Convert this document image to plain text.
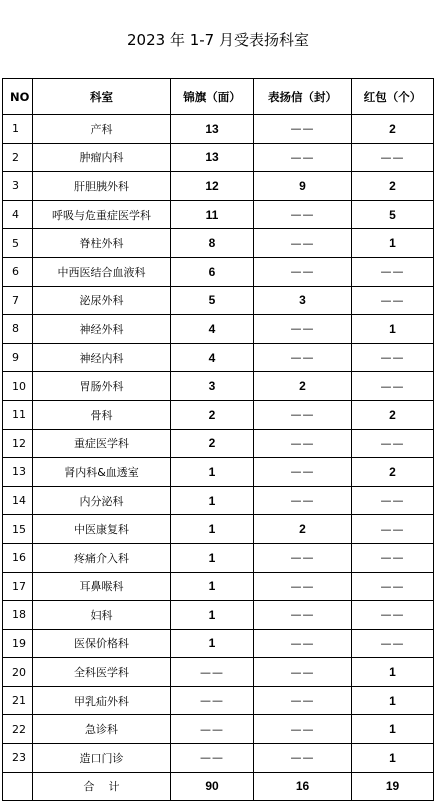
2023 年 1-7 月受表扬科室
NO	科室	锦旗（面）	表扬信（封）	红包（个）
1	产科	13	——	2
2	肿瘤内科	13	——	——
3	肝胆胰外科	12	9	2
4	呼吸与危重症医学科	11	——	5
5	脊柱外科	8	——	1
6	中西医结合血液科	6	——	——
7	泌尿外科	5	3	——
8	神经外科	4	——	1
9	神经内科	4	——	——
10	胃肠外科	3	2	——
11	骨科	2	——	2
12	重症医学科	2	——	——
13	肾内科&血透室	1	——	2
14	内分泌科	1	——	——
15	中医康复科	1	2	——
16	疼痛介入科	1	——	——
17	耳鼻喉科	1	——	——
18	妇科	1	——	——
19	医保价格科	1	——	——
20	全科医学科	——	——	1
21	甲乳疝外科	——	——	1
22	急诊科	——	——	1
23	造口门诊	——	——	1
	合计	90	16	19
